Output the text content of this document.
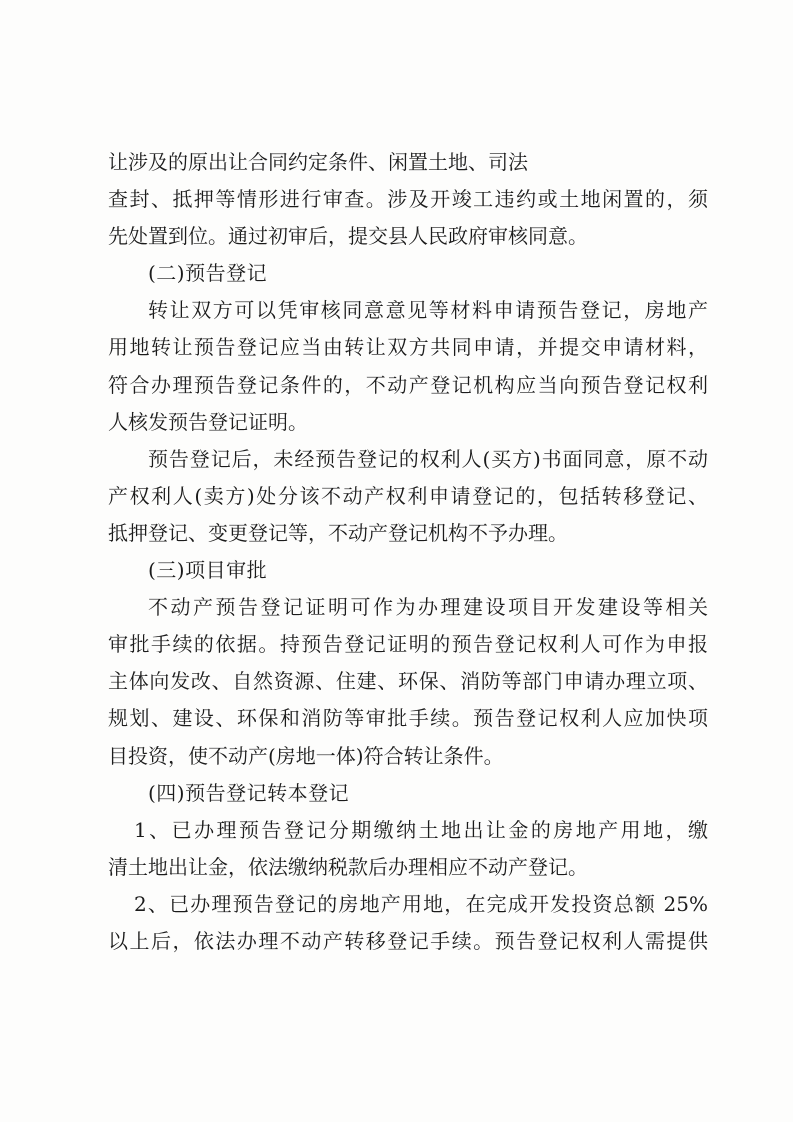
让涉及的原出让合同约定条件、闲置土地、司法
查封、抵押等情形进行审查。涉及开竣工违约或土地闲置的，须
先处置到位。通过初审后，提交县人民政府审核同意。
(二)预告登记
转让双方可以凭审核同意意见等材料申请预告登记，房地产
用地转让预告登记应当由转让双方共同申请，并提交申请材料，
符合办理预告登记条件的，不动产登记机构应当向预告登记权利
人核发预告登记证明。
预告登记后，未经预告登记的权利人(买方)书面同意，原不动
产权利人(卖方)处分该不动产权利申请登记的，包括转移登记、
抵押登记、变更登记等，不动产登记机构不予办理。
(三)项目审批
不动产预告登记证明可作为办理建设项目开发建设等相关
审批手续的依据。持预告登记证明的预告登记权利人可作为申报
主体向发改、自然资源、住建、环保、消防等部门申请办理立项、
规划、建设、环保和消防等审批手续。预告登记权利人应加快项
目投资，使不动产(房地一体)符合转让条件。
(四)预告登记转本登记
1、已办理预告登记分期缴纳土地出让金的房地产用地，缴
清土地出让金，依法缴纳税款后办理相应不动产登记。
2、已办理预告登记的房地产用地，在完成开发投资总额 25%
以上后，依法办理不动产转移登记手续。预告登记权利人需提供
